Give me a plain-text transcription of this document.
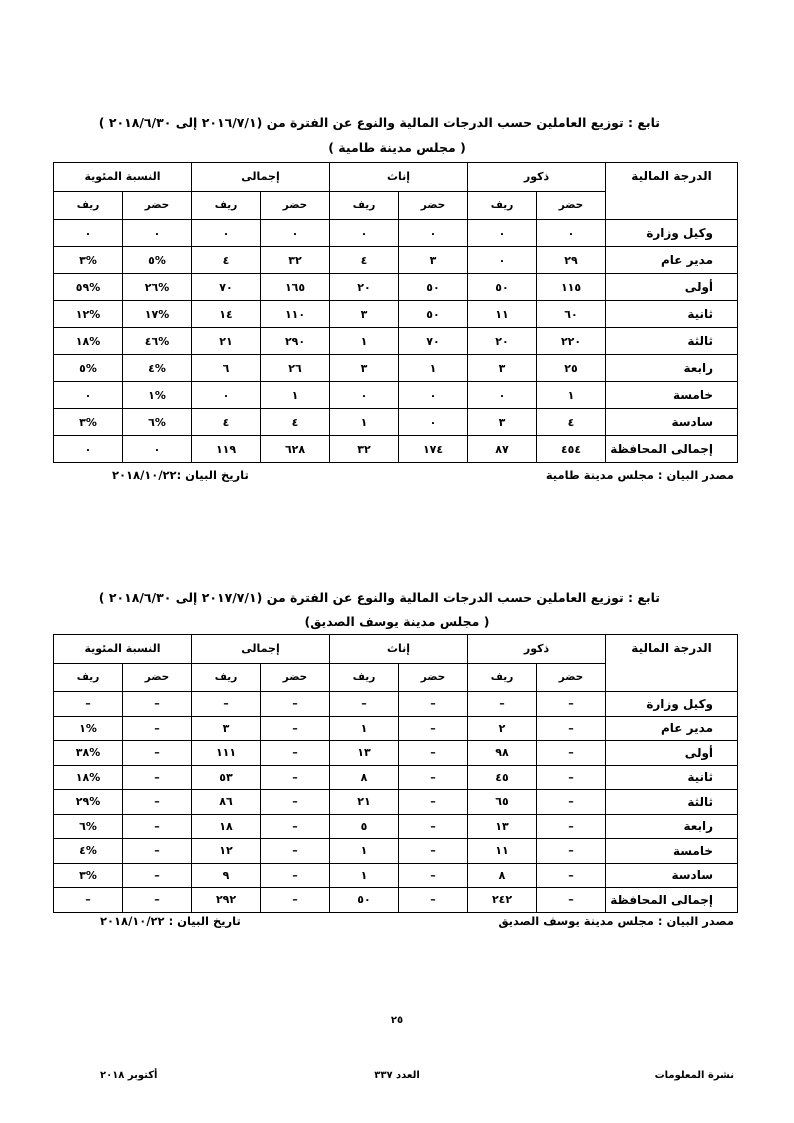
تابع : توزيع العاملين حسب الدرجات المالية والنوع عن الفترة من (٢٠١٦/٧/١ إلى ٢٠١٨/٦/٣٠ )
( مجلس مدينة طامية )
الدرجة المالية	ذكور		إناث		إجمالى		النسبة المئوية	
	حضر	ريف	حضر	ريف	حضر	ريف	حضر	ريف
وكيل وزارة	٠	٠	٠	٠	٠	٠	٠	٠
مدير عام	٢٩	٠	٣	٤	٣٢	٤	%٥	%٣
أولى	١١٥	٥٠	٥٠	٢٠	١٦٥	٧٠	%٢٦	%٥٩
ثانية	٦٠	١١	٥٠	٣	١١٠	١٤	%١٧	%١٢
ثالثة	٢٢٠	٢٠	٧٠	١	٢٩٠	٢١	%٤٦	%١٨
رابعة	٢٥	٣	١	٣	٢٦	٦	%٤	%٥
خامسة	١	٠	٠	٠	١	٠	%١	٠
سادسة	٤	٣	٠	١	٤	٤	%٦	%٣
إجمالى المحافظة	٤٥٤	٨٧	١٧٤	٣٢	٦٢٨	١١٩	٠	٠
مصدر البيان : مجلس مدينة طامية
تاريخ البيان :٢٠١٨/١٠/٢٢
تابع : توزيع العاملين حسب الدرجات المالية والنوع عن الفترة من (٢٠١٧/٧/١ إلى ٢٠١٨/٦/٣٠ )
( مجلس مدينة يوسف الصديق)
الدرجة المالية	ذكور		إناث		إجمالى		النسبة المئوية	
	حضر	ريف	حضر	ريف	حضر	ريف	حضر	ريف
وكيل وزارة	–	–	–	–	–	–	–	–
مدير عام	–	٢	–	١	–	٣	–	%١
أولى	–	٩٨	–	١٣	–	١١١	–	%٣٨
ثانية	–	٤٥	–	٨	–	٥٣	–	%١٨
ثالثة	–	٦٥	–	٢١	–	٨٦	–	%٢٩
رابعة	–	١٣	–	٥	–	١٨	–	%٦
خامسة	–	١١	–	١	–	١٢	–	%٤
سادسة	–	٨	–	١	–	٩	–	%٣
إجمالى المحافظة	–	٢٤٢	–	٥٠	–	٢٩٢	–	–
مصدر البيان : مجلس مدينة يوسف الصديق
تاريخ البيان : ٢٠١٨/١٠/٢٢
٢٥
نشرة المعلومات
العدد ٣٣٧
أكتوبر ٢٠١٨
